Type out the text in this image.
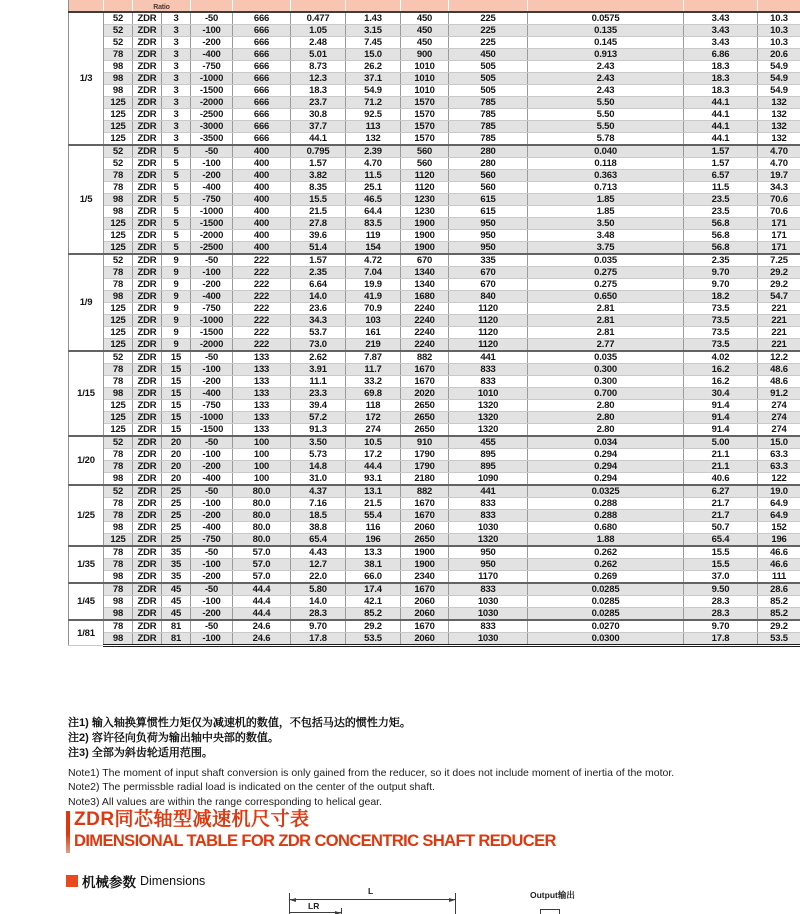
		Ratio										
1/3	52	ZDR	3	-50	666	0.477	1.43	450	225	0.0575	3.43	10.3
	52	ZDR	3	-100	666	1.05	3.15	450	225	0.135	3.43	10.3
	52	ZDR	3	-200	666	2.48	7.45	450	225	0.145	3.43	10.3
	78	ZDR	3	-400	666	5.01	15.0	900	450	0.913	6.86	20.6
	98	ZDR	3	-750	666	8.73	26.2	1010	505	2.43	18.3	54.9
	98	ZDR	3	-1000	666	12.3	37.1	1010	505	2.43	18.3	54.9
	98	ZDR	3	-1500	666	18.3	54.9	1010	505	2.43	18.3	54.9
	125	ZDR	3	-2000	666	23.7	71.2	1570	785	5.50	44.1	132
	125	ZDR	3	-2500	666	30.8	92.5	1570	785	5.50	44.1	132
	125	ZDR	3	-3000	666	37.7	113	1570	785	5.50	44.1	132
	125	ZDR	3	-3500	666	44.1	132	1570	785	5.78	44.1	132
1/5	52	ZDR	5	-50	400	0.795	2.39	560	280	0.040	1.57	4.70
	52	ZDR	5	-100	400	1.57	4.70	560	280	0.118	1.57	4.70
	78	ZDR	5	-200	400	3.82	11.5	1120	560	0.363	6.57	19.7
	78	ZDR	5	-400	400	8.35	25.1	1120	560	0.713	11.5	34.3
	98	ZDR	5	-750	400	15.5	46.5	1230	615	1.85	23.5	70.6
	98	ZDR	5	-1000	400	21.5	64.4	1230	615	1.85	23.5	70.6
	125	ZDR	5	-1500	400	27.8	83.5	1900	950	3.50	56.8	171
	125	ZDR	5	-2000	400	39.6	119	1900	950	3.48	56.8	171
	125	ZDR	5	-2500	400	51.4	154	1900	950	3.75	56.8	171
1/9	52	ZDR	9	-50	222	1.57	4.72	670	335	0.035	2.35	7.25
	78	ZDR	9	-100	222	2.35	7.04	1340	670	0.275	9.70	29.2
	78	ZDR	9	-200	222	6.64	19.9	1340	670	0.275	9.70	29.2
	98	ZDR	9	-400	222	14.0	41.9	1680	840	0.650	18.2	54.7
	125	ZDR	9	-750	222	23.6	70.9	2240	1120	2.81	73.5	221
	125	ZDR	9	-1000	222	34.3	103	2240	1120	2.81	73.5	221
	125	ZDR	9	-1500	222	53.7	161	2240	1120	2.81	73.5	221
	125	ZDR	9	-2000	222	73.0	219	2240	1120	2.77	73.5	221
1/15	52	ZDR	15	-50	133	2.62	7.87	882	441	0.035	4.02	12.2
	78	ZDR	15	-100	133	3.91	11.7	1670	833	0.300	16.2	48.6
	78	ZDR	15	-200	133	11.1	33.2	1670	833	0.300	16.2	48.6
	98	ZDR	15	-400	133	23.3	69.8	2020	1010	0.700	30.4	91.2
	125	ZDR	15	-750	133	39.4	118	2650	1320	2.80	91.4	274
	125	ZDR	15	-1000	133	57.2	172	2650	1320	2.80	91.4	274
	125	ZDR	15	-1500	133	91.3	274	2650	1320	2.80	91.4	274
1/20	52	ZDR	20	-50	100	3.50	10.5	910	455	0.034	5.00	15.0
	78	ZDR	20	-100	100	5.73	17.2	1790	895	0.294	21.1	63.3
	78	ZDR	20	-200	100	14.8	44.4	1790	895	0.294	21.1	63.3
	98	ZDR	20	-400	100	31.0	93.1	2180	1090	0.294	40.6	122
1/25	52	ZDR	25	-50	80.0	4.37	13.1	882	441	0.0325	6.27	19.0
	78	ZDR	25	-100	80.0	7.16	21.5	1670	833	0.288	21.7	64.9
	78	ZDR	25	-200	80.0	18.5	55.4	1670	833	0.288	21.7	64.9
	98	ZDR	25	-400	80.0	38.8	116	2060	1030	0.680	50.7	152
	125	ZDR	25	-750	80.0	65.4	196	2650	1320	1.88	65.4	196
1/35	78	ZDR	35	-50	57.0	4.43	13.3	1900	950	0.262	15.5	46.6
	78	ZDR	35	-100	57.0	12.7	38.1	1900	950	0.262	15.5	46.6
	98	ZDR	35	-200	57.0	22.0	66.0	2340	1170	0.269	37.0	111
1/45	78	ZDR	45	-50	44.4	5.80	17.4	1670	833	0.0285	9.50	28.6
	98	ZDR	45	-100	44.4	14.0	42.1	2060	1030	0.0285	28.3	85.2
	98	ZDR	45	-200	44.4	28.3	85.2	2060	1030	0.0285	28.3	85.2
1/81	78	ZDR	81	-50	24.6	9.70	29.2	1670	833	0.0270	9.70	29.2
	98	ZDR	81	-100	24.6	17.8	53.5	2060	1030	0.0300	17.8	53.5
注1) 输入轴换算惯性力矩仅为减速机的数值，不包括马达的惯性力矩。
注2) 容许径向负荷为输出轴中央部的数值。
注3) 全部为斜齿轮适用范围。
Note1) The moment of input shaft conversion is only gained from the reducer, so it does not include moment of inertia of the motor.
Note2) The permissble radial load is indicated on the center of the output shaft.
Note3) All values are within the range corresponding to helical gear.
ZDR同芯轴型减速机尺寸表
DIMENSIONAL TABLE FOR ZDR CONCENTRIC SHAFT REDUCER
机械参数 Dimensions
L
LR
Output输出
